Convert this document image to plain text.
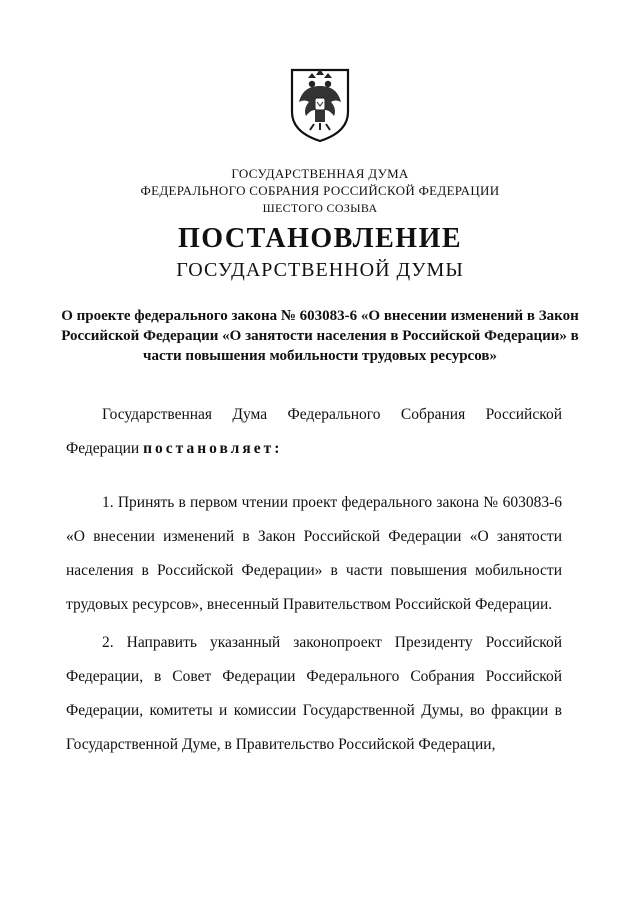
ГОСУДАРСТВЕННАЯ ДУМА
ФЕДЕРАЛЬНОГО СОБРАНИЯ РОССИЙСКОЙ ФЕДЕРАЦИИ
ШЕСТОГО СОЗЫВА
ПОСТАНОВЛЕНИЕ
ГОСУДАРСТВЕННОЙ ДУМЫ
О проекте федерального закона № 603083-6 «О внесении изменений в Закон Российской Федерации «О занятости населения в Российской Федерации» в части повышения мобильности трудовых ресурсов»
Государственная Дума Федерального Собрания Российской Федерации постановляет:
1. Принять в первом чтении проект федерального закона № 603083-6 «О внесении изменений в Закон Российской Федерации «О занятости населения в Российской Федерации» в части повышения мобильности трудовых ресурсов», внесенный Правительством Российской Федерации.
2. Направить указанный законопроект Президенту Российской Федерации, в Совет Федерации Федерального Собрания Российской Федерации, комитеты и комиссии Государственной Думы, во фракции в Государственной Думе, в Правительство Российской Федерации,
